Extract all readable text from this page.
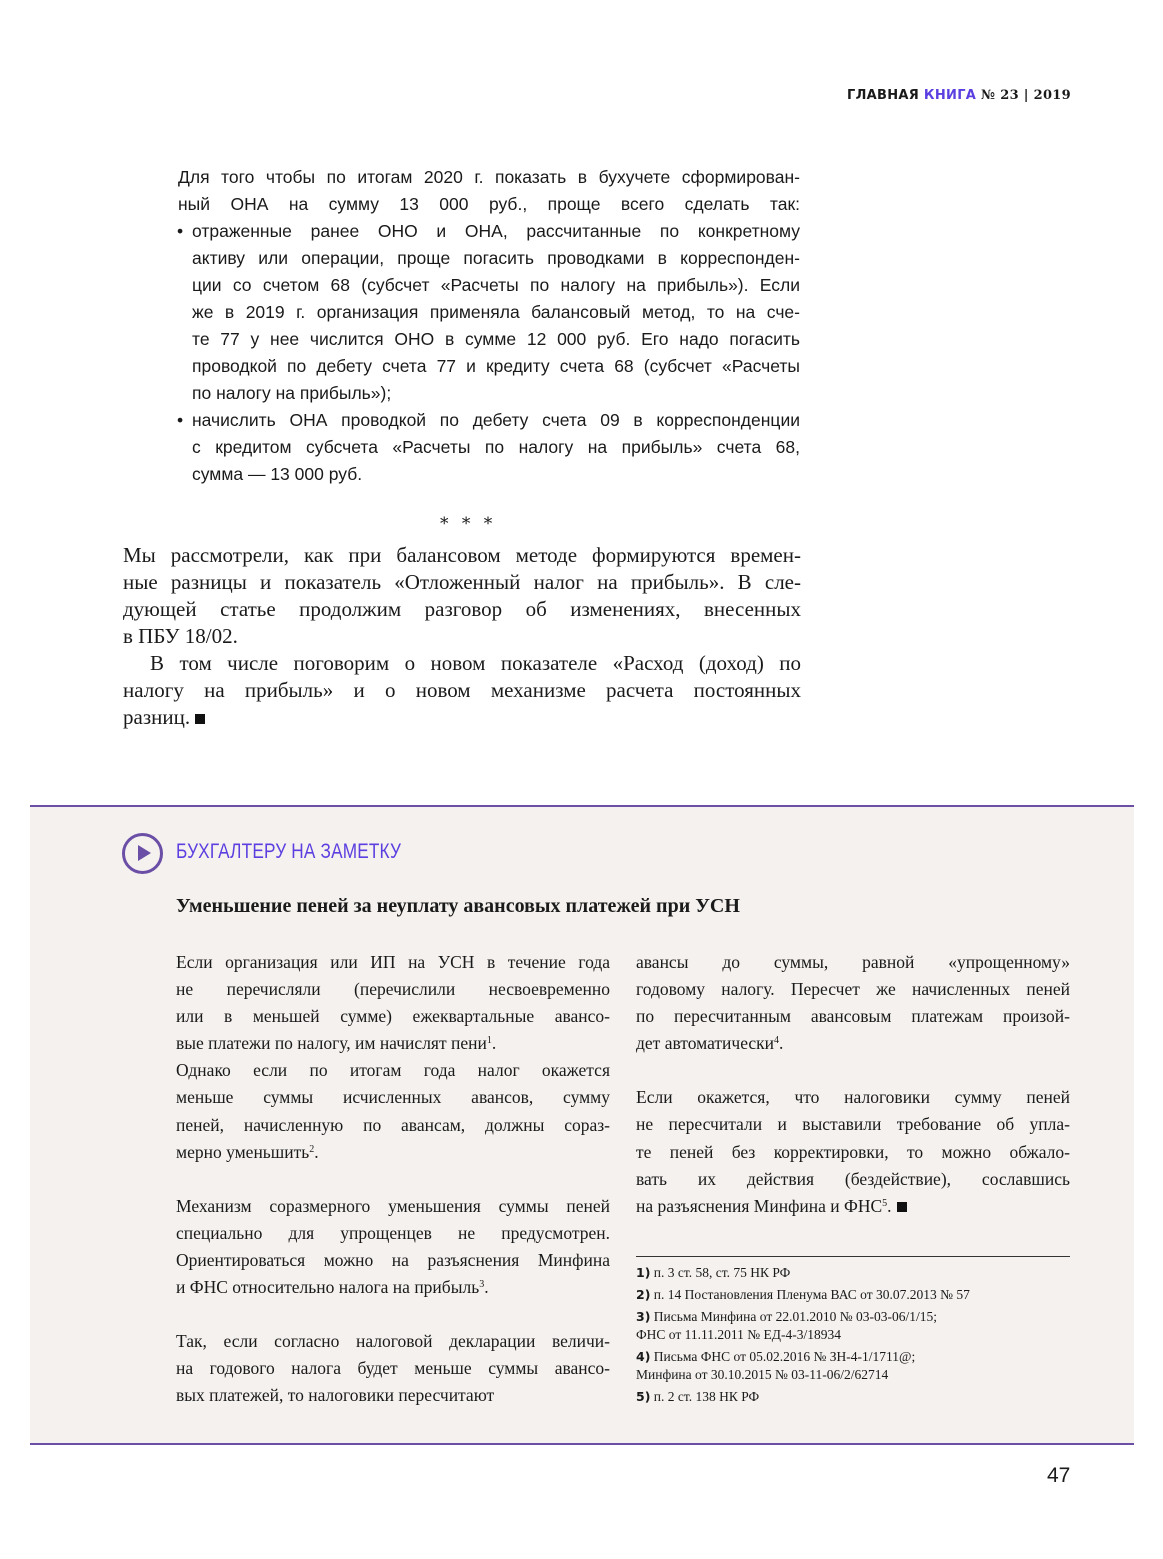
ГЛАВНАЯ КНИГА № 23 | 2019
Для того чтобы по итогам 2020 г. показать в бухучете сформирован-
ный ОНА на сумму 13 000 руб., проще всего сделать так:
• отраженные ранее ОНО и ОНА, рассчитанные по конкретному
активу или операции, проще погасить проводками в корреспонден-
ции со счетом 68 (субсчет «Расчеты по налогу на прибыль»). Если
же в 2019 г. организация применяла балансовый метод, то на сче-
те 77 у нее числится ОНО в сумме 12 000 руб. Его надо погасить
проводкой по дебету счета 77 и кредиту счета 68 (субсчет «Расчеты
по налогу на прибыль»);
• начислить ОНА проводкой по дебету счета 09 в корреспонденции
с кредитом субсчета «Расчеты по налогу на прибыль» счета 68,
сумма — 13 000 руб.
* * *
Мы рассмотрели, как при балансовом методе формируются времен-
ные разницы и показатель «Отложенный налог на прибыль». В сле-
дующей статье продолжим разговор об изменениях, внесенных
в ПБУ 18/02.
В том числе поговорим о новом показателе «Расход (доход) по
налогу на прибыль» и о новом механизме расчета постоянных
разниц.
БУХГАЛТЕРУ НА ЗАМЕТКУ
Уменьшение пеней за неуплату авансовых платежей при УСН
Если организация или ИП на УСН в течение года
не перечисляли (перечислили несвоевременно
или в меньшей сумме) ежеквартальные авансо-
вые платежи по налогу, им начислят пени$^1$.
Однако если по итогам года налог окажется
меньше суммы исчисленных авансов, сумму
пеней, начисленную по авансам, должны сораз-
мерно уменьшить$^2$.
Механизм соразмерного уменьшения суммы пеней
специально для упрощенцев не предусмотрен.
Ориентироваться можно на разъяснения Минфина
и ФНС относительно налога на прибыль$^3$.
Так, если согласно налоговой декларации величи-
на годового налога будет меньше суммы авансо-
вых платежей, то налоговики пересчитают
авансы до суммы, равной «упрощенному»
годовому налогу. Пересчет же начисленных пеней
по пересчитанным авансовым платежам произой-
дет автоматически$^4$.
Если окажется, что налоговики сумму пеней
не пересчитали и выставили требование об упла-
те пеней без корректировки, то можно обжало-
вать их действия (бездействие), сославшись
на разъяснения Минфина и ФНС$^5$.
1) п. 3 ст. 58, ст. 75 НК РФ
2) п. 14 Постановления Пленума ВАС от 30.07.2013 № 57
3) Письма Минфина от 22.01.2010 № 03-03-06/1/15;
ФНС от 11.11.2011 № ЕД-4-3/18934
4) Письма ФНС от 05.02.2016 № ЗН-4-1/1711@;
Минфина от 30.10.2015 № 03-11-06/2/62714
5) п. 2 ст. 138 НК РФ
47
